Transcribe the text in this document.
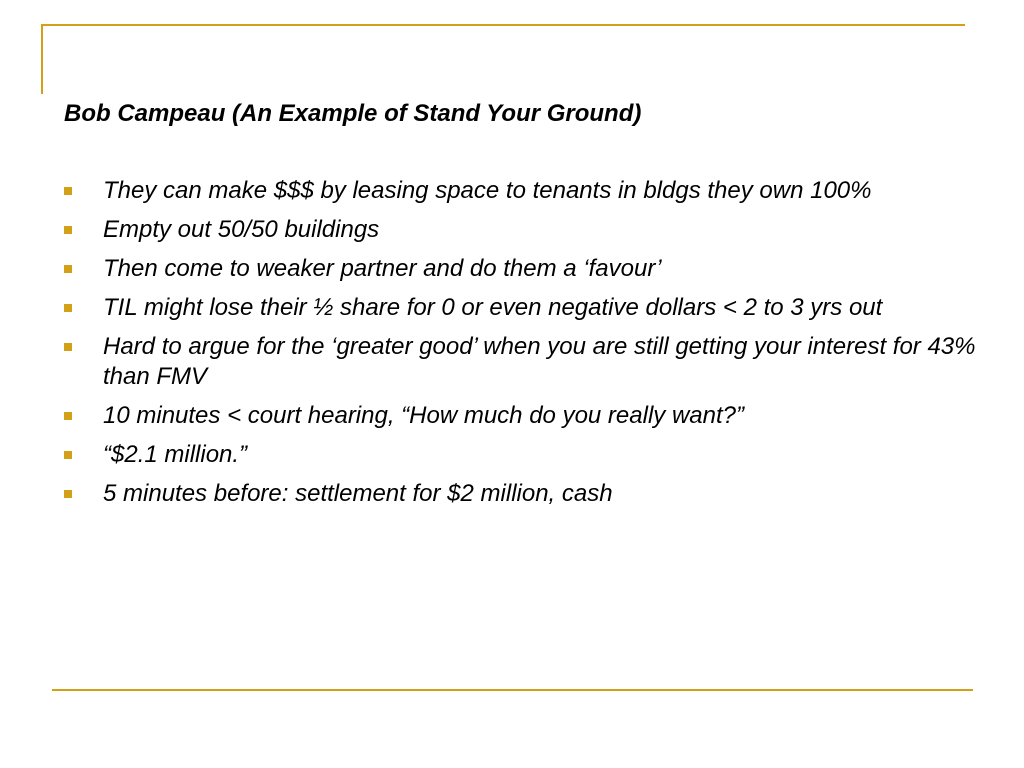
Bob Campeau (An Example of Stand Your Ground)
They can make $$$ by leasing space to tenants in bldgs they own 100%
Empty out 50/50 buildings
Then come to weaker partner and do them a ‘favour’
TIL might lose their ½ share for 0 or even negative dollars < 2 to 3 yrs out
Hard to argue for the ‘greater good’ when you are still getting your interest for 43% than FMV
10 minutes < court hearing, “How much do you really want?”
“$2.1 million.”
5 minutes before: settlement for $2 million, cash
